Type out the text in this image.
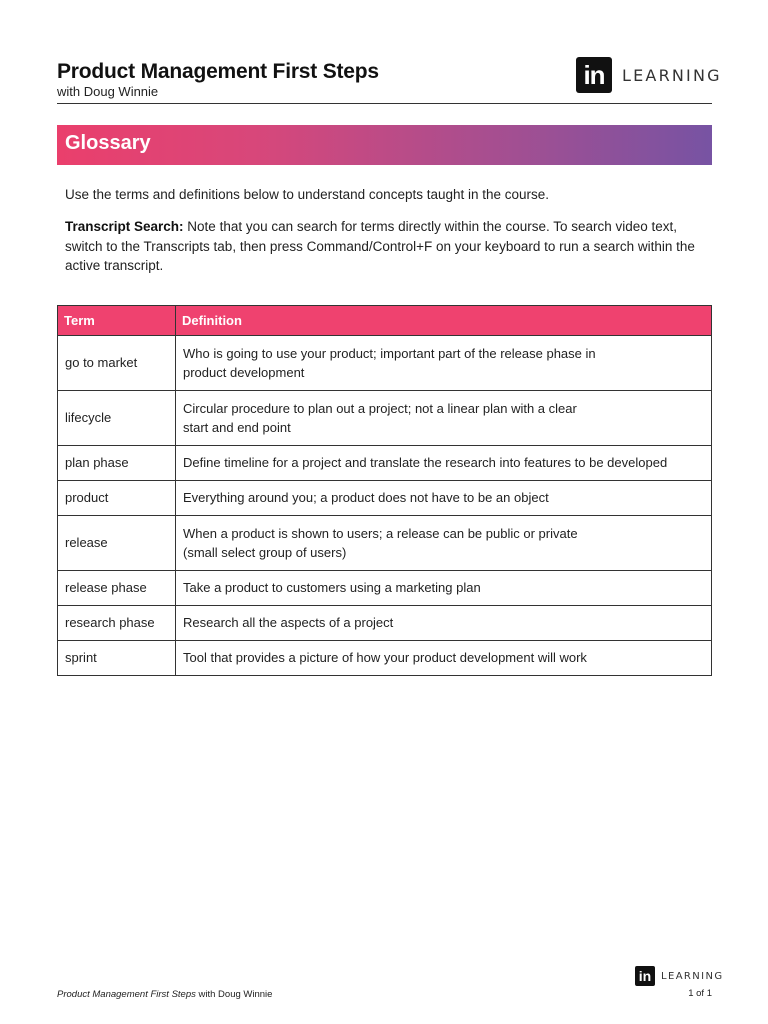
Product Management First Steps
with Doug Winnie
in	LEARNING
Glossary
Use the terms and definitions below to understand concepts taught in the course.
Transcript Search: Note that you can search for terms directly within the course. To search video text, switch to the Transcripts tab, then press Command/Control+F on your keyboard to run a search within the active transcript.
Term	Definition
go to market	Who is going to use your product; important part of the release phase in
product development
lifecycle	Circular procedure to plan out a project; not a linear plan with a clear
start and end point
plan phase	Define timeline for a project and translate the research into features to be developed
product	Everything around you; a product does not have to be an object
release	When a product is shown to users; a release can be public or private
(small select group of users)
release phase	Take a product to customers using a marketing plan
research phase	Research all the aspects of a project
sprint	Tool that provides a picture of how your product development will work
in LEARNING
Product Management First Steps with Doug Winnie	1 of 1
